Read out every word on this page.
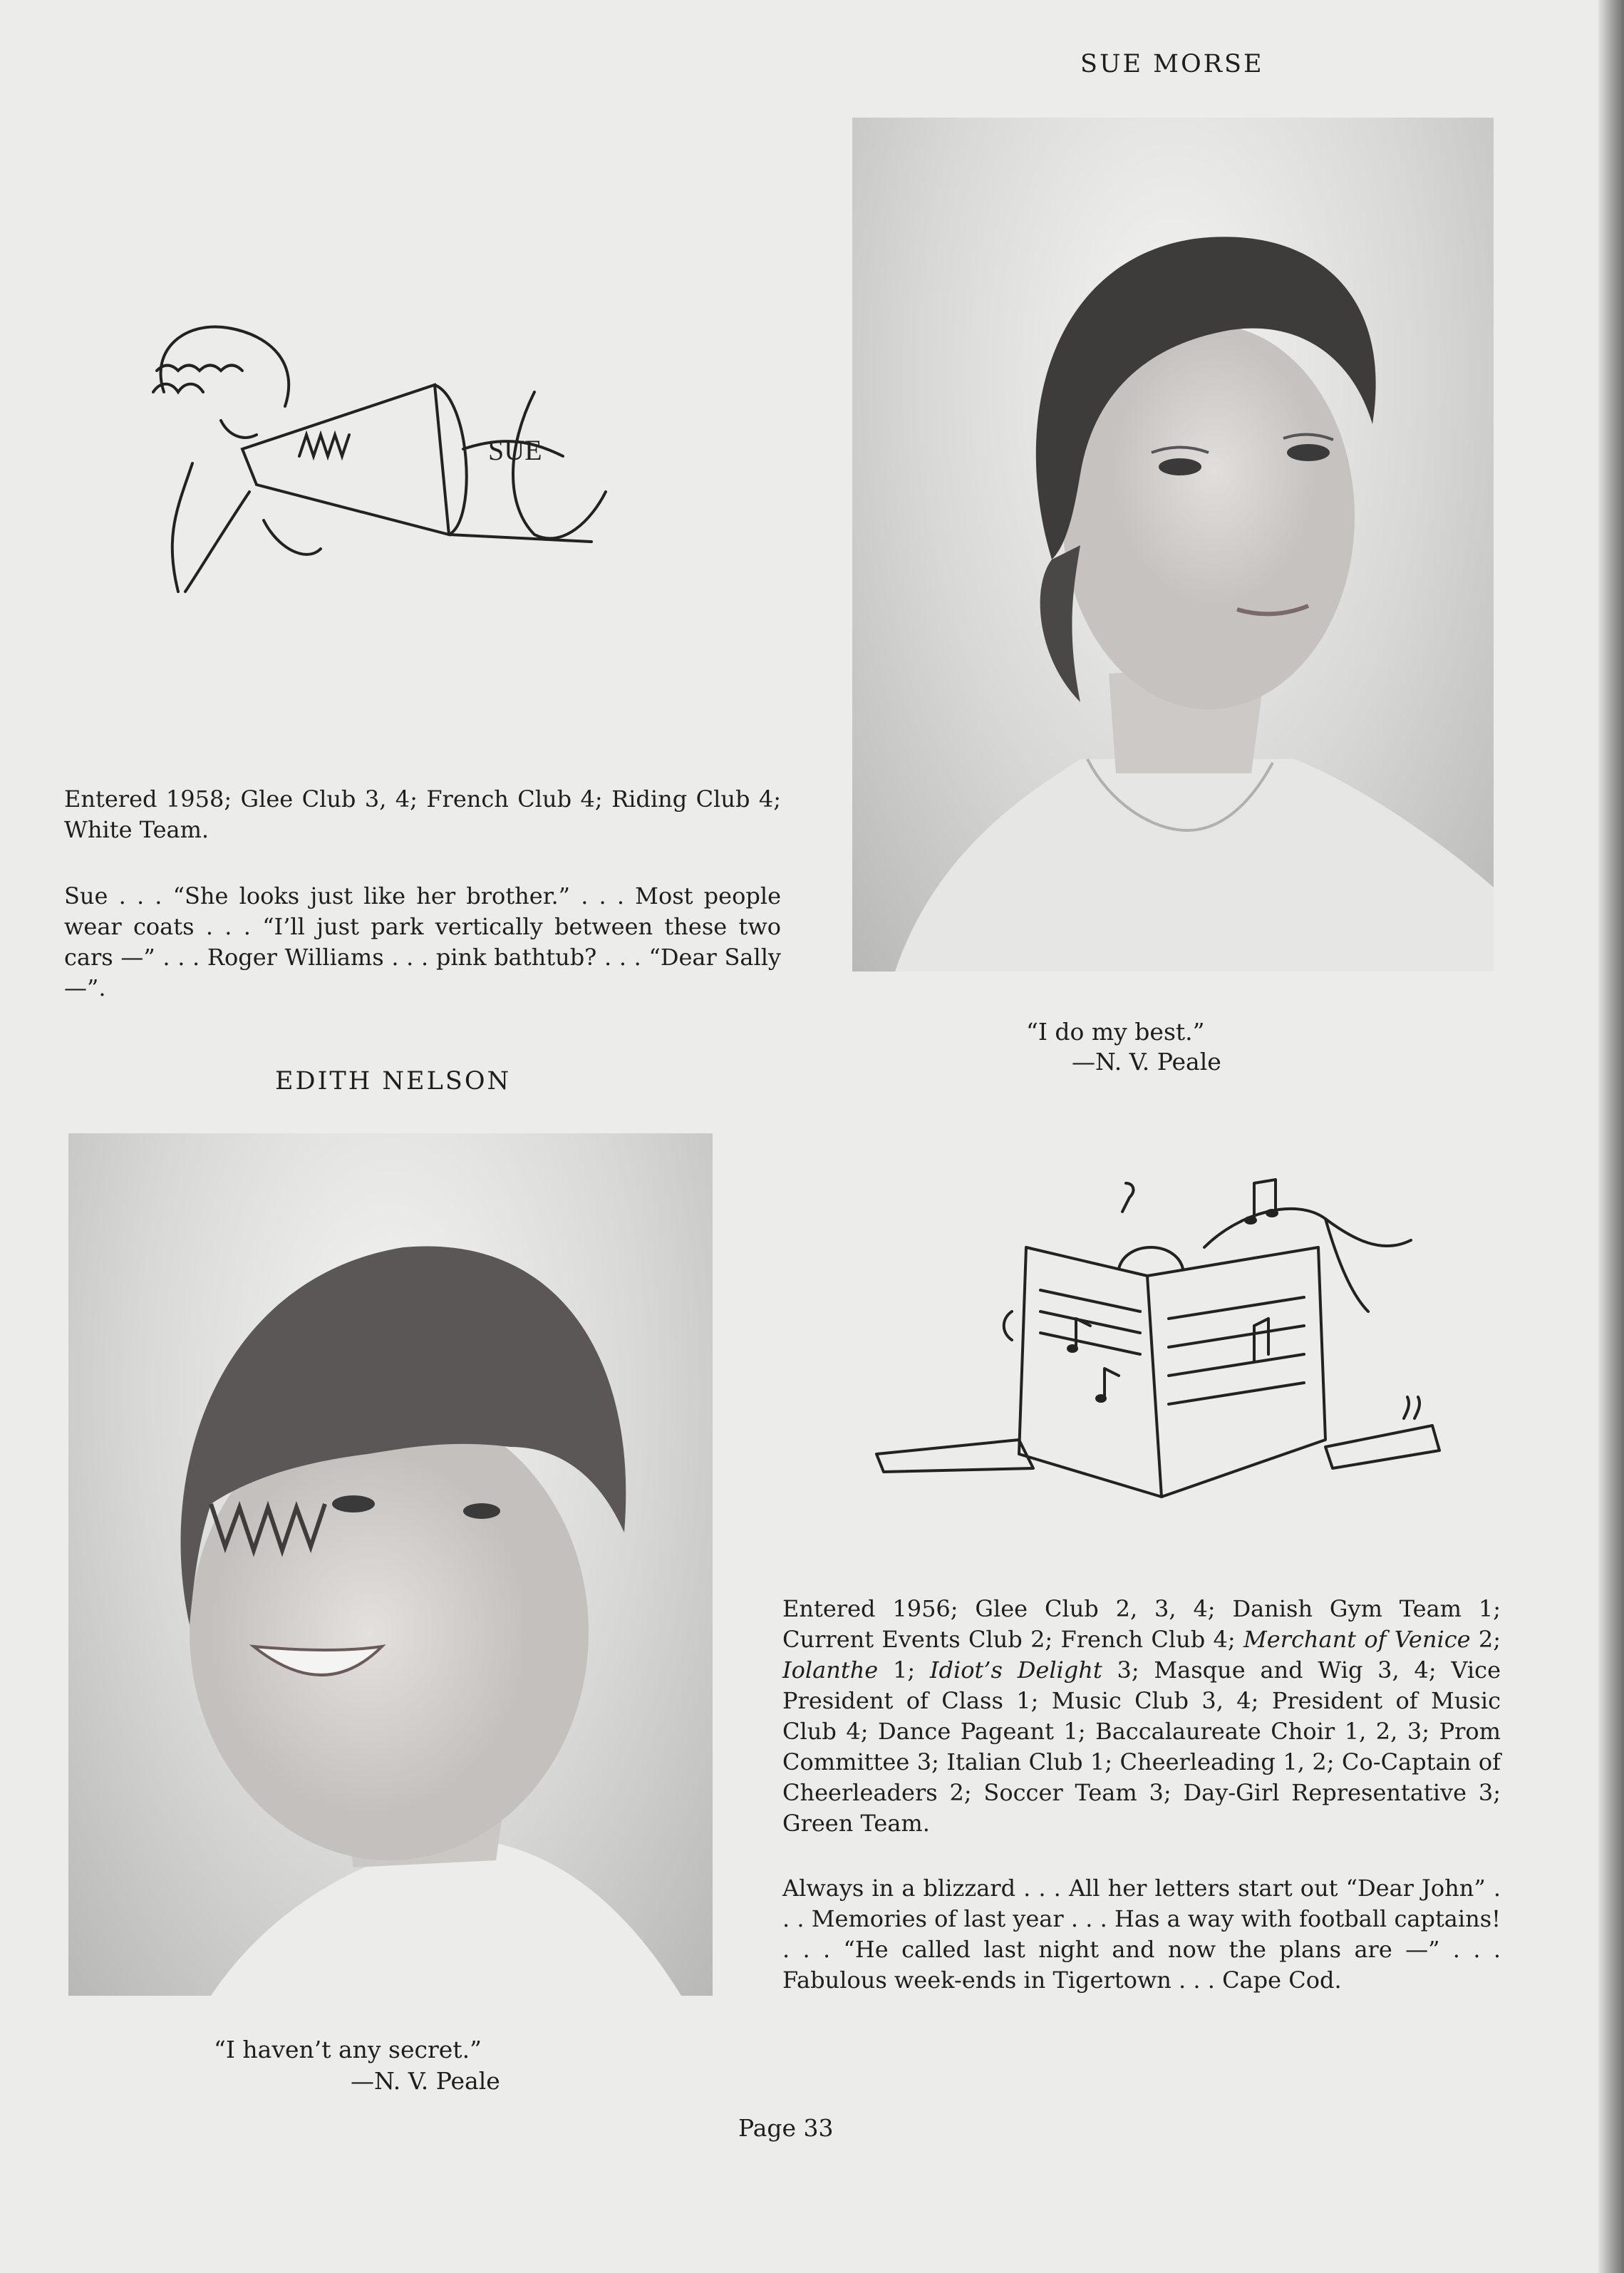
SUE MORSE
SUE

Entered 1958; Glee Club 3, 4; French Club 4; Riding Club 4; White Team.

Sue . . . “She looks just like her brother.” . . . Most people wear coats . . . “I’ll just park vertically between these two cars —” . . . Roger Williams . . . pink bathtub? . . . “Dear Sally —”.

“I do my best.”
—N. V. Peale
EDITH NELSON

Entered 1956; Glee Club 2, 3, 4; Danish Gym Team 1; Current Events Club 2; French Club 4; Merchant of Venice 2; Iolanthe 1; Idiot’s Delight 3; Masque and Wig 3, 4; Vice President of Class 1; Music Club 3, 4; President of Music Club 4; Dance Pageant 1; Baccalaureate Choir 1, 2, 3; Prom Committee 3; Italian Club 1; Cheerleading 1, 2; Co-Captain of Cheerleaders 2; Soccer Team 3; Day-Girl Representative 3; Green Team.

Always in a blizzard . . . All her letters start out “Dear John” . . . Memories of last year . . . Has a way with football captains! . . . “He called last night and now the plans are —” . . . Fabulous week-ends in Tigertown . . . Cape Cod.

“I haven’t any secret.”
—N. V. Peale
Page 33
